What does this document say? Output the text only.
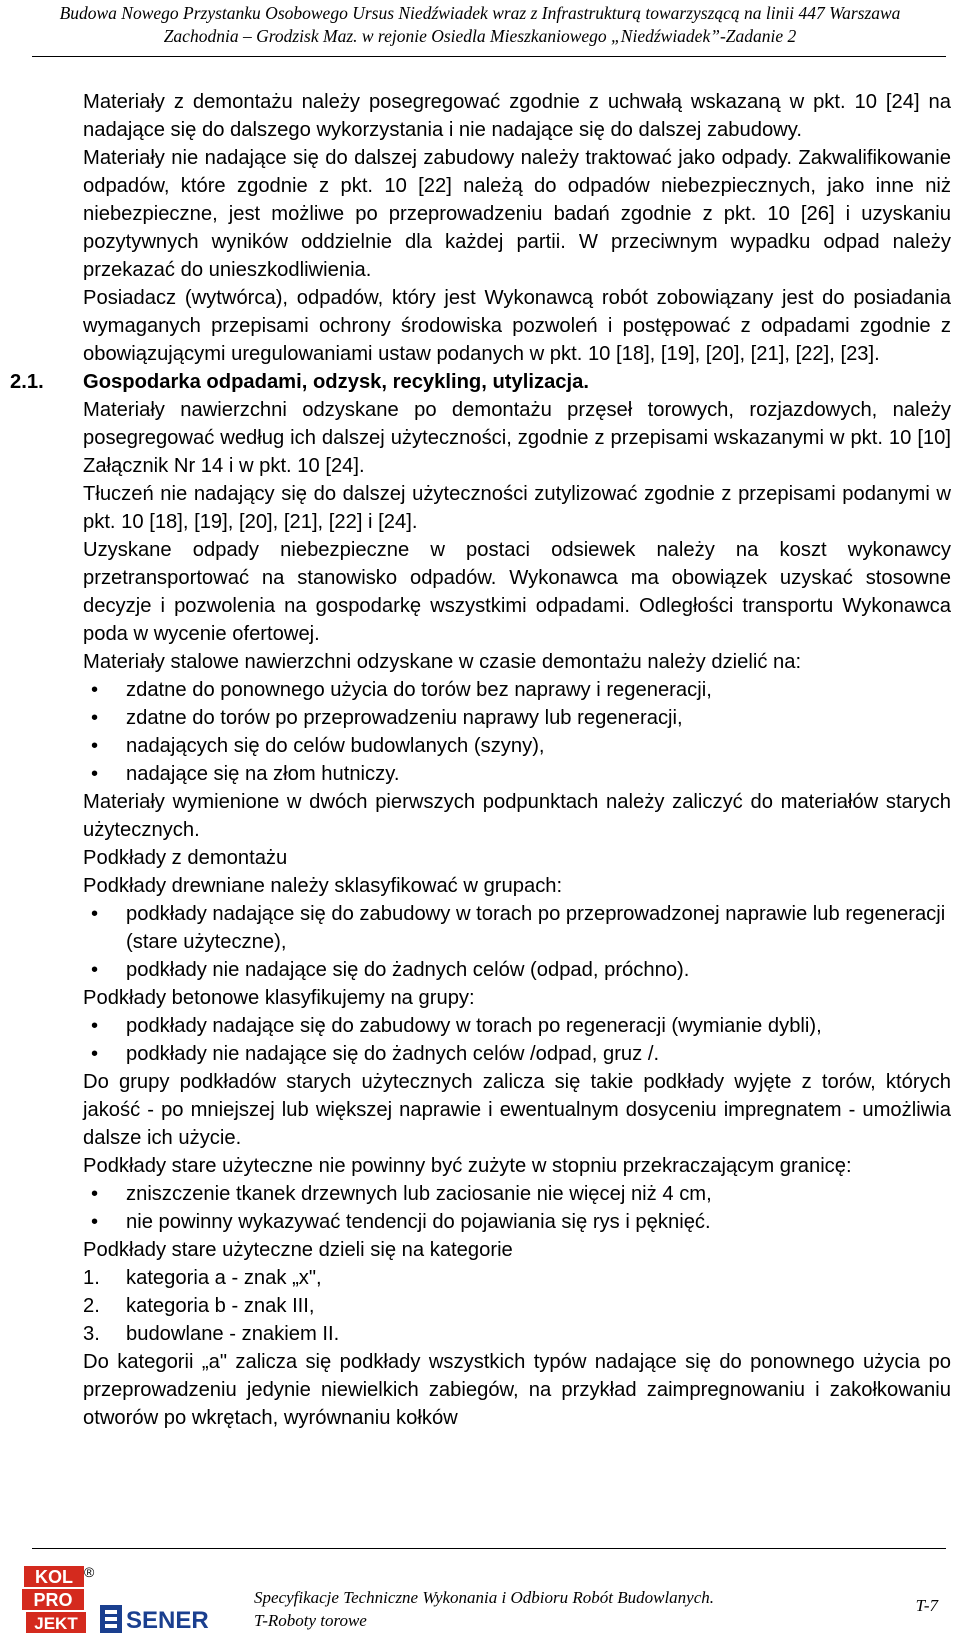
Budowa Nowego Przystanku Osobowego Ursus Niedźwiadek wraz z Infrastrukturą towarzyszącą na linii 447 Warszawa
Zachodnia – Grodzisk Maz. w rejonie Osiedla Mieszkaniowego „Niedźwiadek”-Zadanie 2

Materiały z demontażu należy posegregować zgodnie z uchwałą wskazaną w pkt. 10 [24] na nadające się do dalszego wykorzystania i nie nadające się do dalszej zabudowy.

Materiały nie nadające się do dalszej zabudowy należy traktować jako odpady. Zakwalifikowanie odpadów, które zgodnie z pkt. 10 [22] należą do odpadów niebezpiecznych, jako inne niż niebezpieczne, jest możliwe po przeprowadzeniu badań zgodnie z pkt. 10 [26] i uzyskaniu pozytywnych wyników oddzielnie dla każdej partii. W przeciwnym wypadku odpad należy przekazać do unieszkodliwienia.

Posiadacz (wytwórca), odpadów, który jest Wykonawcą robót zobowiązany jest do posiadania wymaganych przepisami ochrony środowiska pozwoleń i postępować z odpadami zgodnie z obowiązującymi uregulowaniami ustaw podanych w pkt. 10 [18], [19], [20], [21], [22], [23].

2.1. Gospodarka odpadami, odzysk, recykling, utylizacja.

Materiały nawierzchni odzyskane po demontażu przęseł torowych, rozjazdowych, należy posegregować według ich dalszej użyteczności, zgodnie z przepisami wskazanymi w pkt. 10 [10] Załącznik Nr 14 i w pkt. 10 [24].

Tłuczeń nie nadający się do dalszej użyteczności zutylizować zgodnie z przepisami podanymi w pkt. 10 [18], [19], [20], [21], [22] i [24].

Uzyskane odpady niebezpieczne w postaci odsiewek należy na koszt wykonawcy przetransportować na stanowisko odpadów. Wykonawca ma obowiązek uzyskać stosowne decyzje i pozwolenia na gospodarkę wszystkimi odpadami. Odległości transportu Wykonawca poda w wycenie ofertowej.

Materiały stalowe nawierzchni odzyskane w czasie demontażu należy dzielić na:

• zdatne do ponownego użycia do torów bez naprawy i regeneracji,
• zdatne do torów po przeprowadzeniu naprawy lub regeneracji,
• nadających się do celów budowlanych (szyny),
• nadające się na złom hutniczy.

Materiały wymienione w dwóch pierwszych podpunktach należy zaliczyć do materiałów starych użytecznych.

Podkłady z demontażu

Podkłady drewniane należy sklasyfikować w grupach:

• podkłady nadające się do zabudowy w torach po przeprowadzonej naprawie lub regeneracji (stare użyteczne),
• podkłady nie nadające się do żadnych celów (odpad, próchno).

Podkłady betonowe klasyfikujemy na grupy:

• podkłady nadające się do zabudowy w torach po regeneracji (wymianie dybli),
• podkłady nie nadające się do żadnych celów /odpad, gruz /.

Do grupy podkładów starych użytecznych zalicza się takie podkłady wyjęte z torów, których jakość - po mniejszej lub większej naprawie i ewentualnym dosyceniu impregnatem - umożliwia dalsze ich użycie.

Podkłady stare użyteczne nie powinny być zużyte w stopniu przekraczającym granicę:

• zniszczenie tkanek drzewnych lub zaciosanie nie więcej niż 4 cm,
• nie powinny wykazywać tendencji do pojawiania się rys i pęknięć.

Podkłady stare użyteczne dzieli się na kategorie

1. kategoria a - znak „x",
2. kategoria b - znak III,
3. budowlane - znakiem II.

Do kategorii „a" zalicza się podkłady wszystkich typów nadające się do ponownego użycia po przeprowadzeniu jedynie niewielkich zabiegów, na przykład zaimpregnowaniu i zakołkowaniu otworów po wkrętach, wyrównaniu kołków

KOL
PRO
JEKT
®
SENER
Specyfikacje Techniczne Wykonania i Odbioru Robót Budowlanych.
T-Roboty torowe
T-7
